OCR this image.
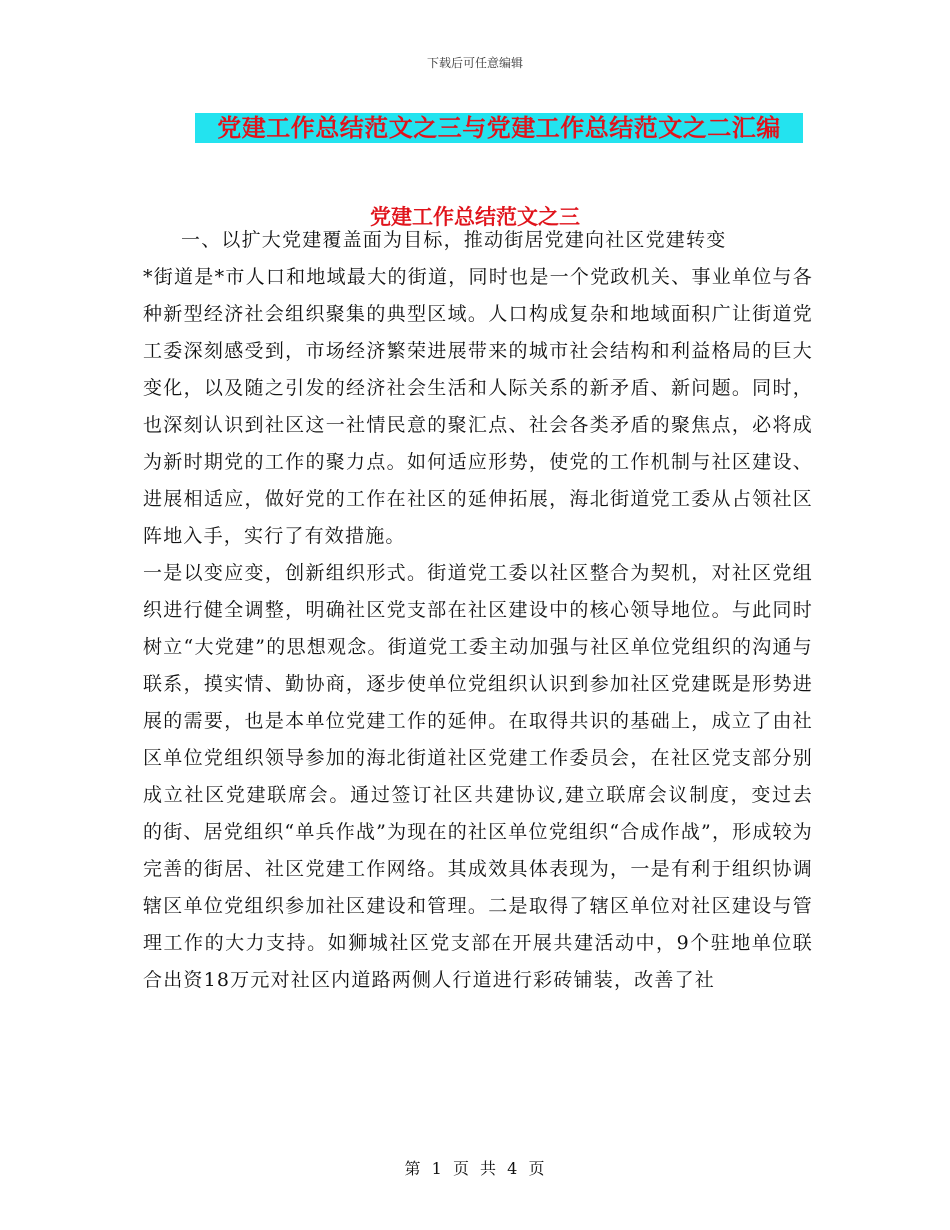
下载后可任意编辑
党建工作总结范文之三与党建工作总结范文之二汇编
党建工作总结范文之三

一、以扩大党建覆盖面为目标，推动街居党建向社区党建转变

*街道是*市人口和地域最大的街道，同时也是一个党政机关、事业单位与各种新型经济社会组织聚集的典型区域。人口构成复杂和地域面积广让街道党工委深刻感受到，市场经济繁荣进展带来的城市社会结构和利益格局的巨大变化，以及随之引发的经济社会生活和人际关系的新矛盾、新问题。同时，也深刻认识到社区这一社情民意的聚汇点、社会各类矛盾的聚焦点，必将成为新时期党的工作的聚力点。如何适应形势，使党的工作机制与社区建设、进展相适应，做好党的工作在社区的延伸拓展，海北街道党工委从占领社区阵地入手，实行了有效措施。

一是以变应变，创新组织形式。街道党工委以社区整合为契机，对社区党组织进行健全调整，明确社区党支部在社区建设中的核心领导地位。与此同时树立“大党建”的思想观念。街道党工委主动加强与社区单位党组织的沟通与联系，摸实情、勤协商，逐步使单位党组织认识到参加社区党建既是形势进展的需要，也是本单位党建工作的延伸。在取得共识的基础上，成立了由社区单位党组织领导参加的海北街道社区党建工作委员会，在社区党支部分别成立社区党建联席会。通过签订社区共建协议,建立联席会议制度，变过去的街、居党组织“单兵作战”为现在的社区单位党组织“合成作战”，形成较为完善的街居、社区党建工作网络。其成效具体表现为，一是有利于组织协调辖区单位党组织参加社区建设和管理。二是取得了辖区单位对社区建设与管理工作的大力支持。如狮城社区党支部在开展共建活动中，9个驻地单位联合出资18万元对社区内道路两侧人行道进行彩砖铺装，改善了社

第 1 页 共 4 页
